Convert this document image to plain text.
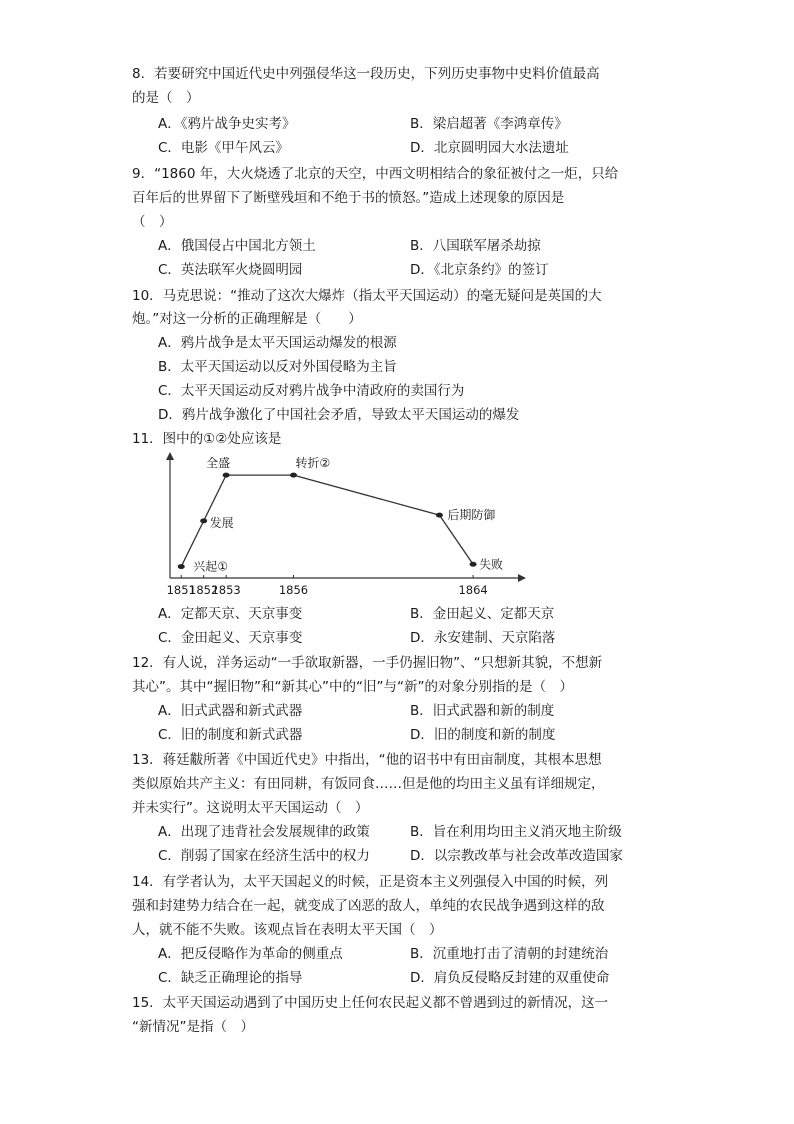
8．若要研究中国近代史中列强侵华这一段历史，下列历史事物中史料价值最高
的是（　）
A．《鸦片战争史实考》	B．梁启超著《李鸿章传》
C．电影《甲午风云》	D．北京圆明园大水法遗址
9．“1860 年，大火烧透了北京的天空，中西文明相结合的象征被付之一炬，只给
百年后的世界留下了断壁残垣和不绝于书的愤怒。”造成上述现象的原因是
（　）
A．俄国侵占中国北方领土	B．八国联军屠杀劫掠
C．英法联军火烧圆明园	D．《北京条约》的签订
10．马克思说：“推动了这次大爆炸（指太平天国运动）的毫无疑问是英国的大
炮。”对这一分析的正确理解是（　　）
A．鸦片战争是太平天国运动爆发的根源
B．太平天国运动以反对外国侵略为主旨
C．太平天国运动反对鸦片战争中清政府的卖国行为
D．鸦片战争激化了中国社会矛盾，导致太平天国运动的爆发
11．图中的①②处应该是
兴起①
发展
全盛	转折②
后期防御
失败
1851
1852
1853	1856	1864
A．定都天京、天京事变	B．金田起义、定都天京
C．金田起义、天京事变	D．永安建制、天京陷落
12．有人说，洋务运动“一手欲取新器，一手仍握旧物”、“只想新其貌，不想新
其心”。其中“握旧物”和“新其心”中的“旧”与“新”的对象分别指的是（　）
A．旧式武器和新式武器	B．旧式武器和新的制度
C．旧的制度和新式武器	D．旧的制度和新的制度
13．蒋廷黻所著《中国近代史》中指出，“他的诏书中有田亩制度，其根本思想
类似原始共产主义：有田同耕，有饭同食……但是他的均田主义虽有详细规定，
并未实行”。这说明太平天国运动（　）
A．出现了违背社会发展规律的政策	B．旨在利用均田主义消灭地主阶级
C．削弱了国家在经济生活中的权力	D．以宗教改革与社会改革改造国家
14．有学者认为，太平天国起义的时候，正是资本主义列强侵入中国的时候，列
强和封建势力结合在一起，就变成了凶恶的敌人，单纯的农民战争遇到这样的敌
人，就不能不失败。该观点旨在表明太平天国（　）
A．把反侵略作为革命的侧重点	B．沉重地打击了清朝的封建统治
C．缺乏正确理论的指导	D．肩负反侵略反封建的双重使命
15．太平天国运动遇到了中国历史上任何农民起义都不曾遇到过的新情况，这一
“新情况”是指（　）
